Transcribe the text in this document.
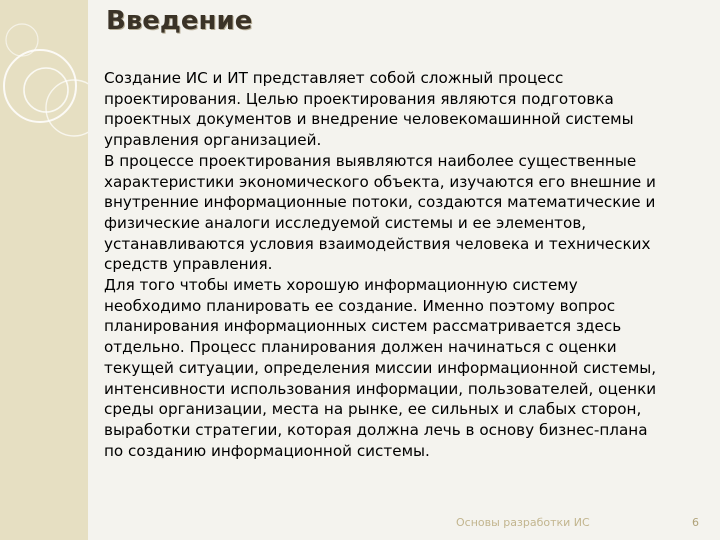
Введение

Создание ИС и ИТ представляет собой сложный процесс проектирования. Целью проектирования являются подготовка проектных документов и внедрение человекомашинной системы управления организацией.

В процессе проектирования выявляются наиболее существенные характеристики экономического объекта, изучаются его внешние и внутренние информационные потоки, создаются математические и физические аналоги исследуемой системы и ее элементов, устанавливаются условия взаимодействия человека и технических средств управления.

Для того чтобы иметь хорошую информационную систему необходимо планировать ее создание. Именно поэтому вопрос планирования информационных систем рассматривается здесь отдельно. Процесс планирования должен начинаться с оценки текущей ситуации, определения миссии информационной системы, интенсивности использования информации, пользователей, оценки среды организации, места на рынке, ее сильных и слабых сторон, выработки стратегии, которая должна лечь в основу бизнес-плана по созданию информационной системы.

Основы разработки ИС	6
